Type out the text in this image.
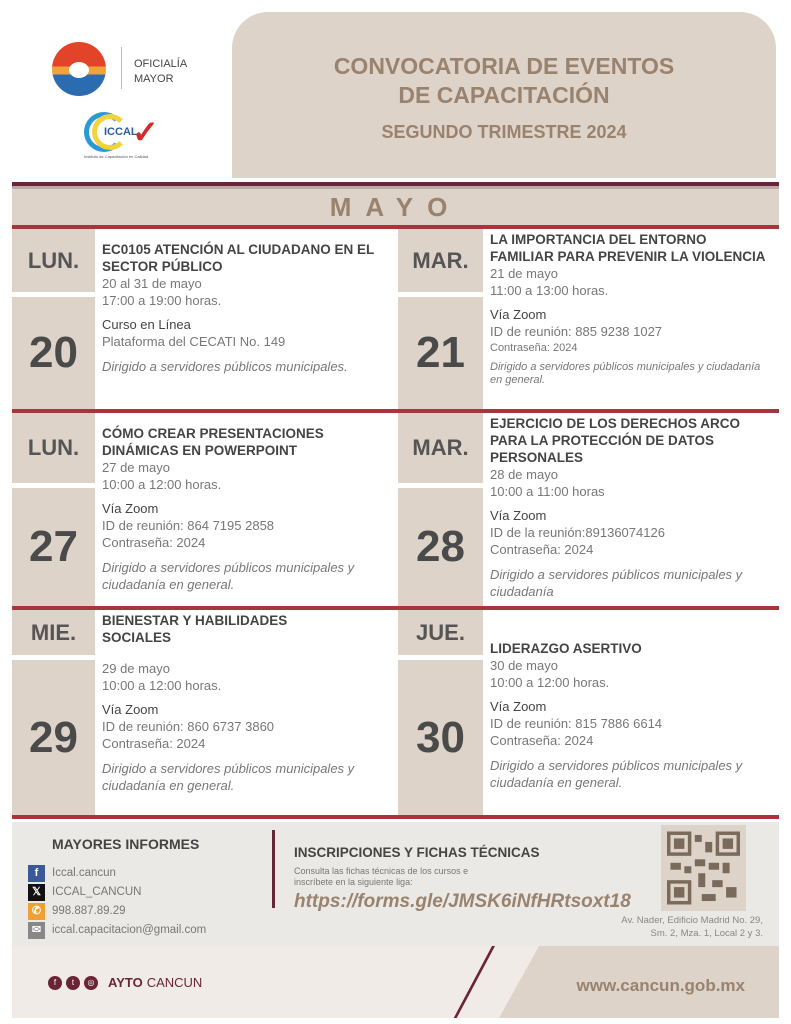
OFICIALÍA
MAYOR
ICCAL
✓
Instituto de Capacitación en Calidad
CONVOCATORIA DE EVENTOS
DE CAPACITACIÓN
SEGUNDO TRIMESTRE 2024
MAYO
LUN.
20
EC0105 ATENCIÓN AL CIUDADANO EN EL SECTOR PÚBLICO
20 al 31 de mayo
17:00 a 19:00 horas.
Curso en Línea
Plataforma del CECATI No. 149
Dirigido a servidores públicos municipales.
MAR.
21
LA IMPORTANCIA DEL ENTORNO FAMILIAR PARA PREVENIR LA VIOLENCIA
21 de mayo
11:00 a 13:00 horas.
Vía Zoom
ID de reunión: 885 9238 1027
Contraseña: 2024
Dirigido a servidores públicos municipales y ciudadanía en general.
LUN.
27
CÓMO CREAR PRESENTACIONES DINÁMICAS EN POWERPOINT
27 de mayo
10:00 a 12:00 horas.
Vía Zoom
ID de reunión: 864 7195 2858
Contraseña: 2024
Dirigido a servidores públicos municipales y ciudadanía en general.
MAR.
28
EJERCICIO DE LOS DERECHOS ARCO PARA LA PROTECCIÓN DE DATOS PERSONALES
28 de mayo
10:00 a 11:00 horas
Vía Zoom
ID de la reunión:89136074126
Contraseña: 2024
Dirigido a servidores públicos municipales y ciudadanía
MIE.
29
BIENESTAR Y HABILIDADES SOCIALES
29 de mayo
10:00 a 12:00 horas.
Vía Zoom
ID de reunión: 860 6737 3860
Contraseña: 2024
Dirigido a servidores públicos municipales y ciudadanía en general.
JUE.
30
LIDERAZGO ASERTIVO
30 de mayo
10:00 a 12:00 horas.
Vía Zoom
ID de reunión: 815 7886 6614
Contraseña: 2024
Dirigido a servidores públicos municipales y ciudadanía en general.
MAYORES INFORMES
f	Iccal.cancun
𝕏 ICCAL_CANCUN
✆ 998.887.89.29
✉ iccal.capacitacion@gmail.com
INSCRIPCIONES Y FICHAS TÉCNICAS
Consulta las fichas técnicas de los cursos e inscríbete en la siguiente liga:
https://forms.gle/JMSK6iNfHRtsoxt18
Av. Nader, Edificio Madrid No. 29,
Sm. 2, Mza. 1, Local 2 y 3.
f	t	◎ AYTO CANCUN	www.cancun.gob.mx
